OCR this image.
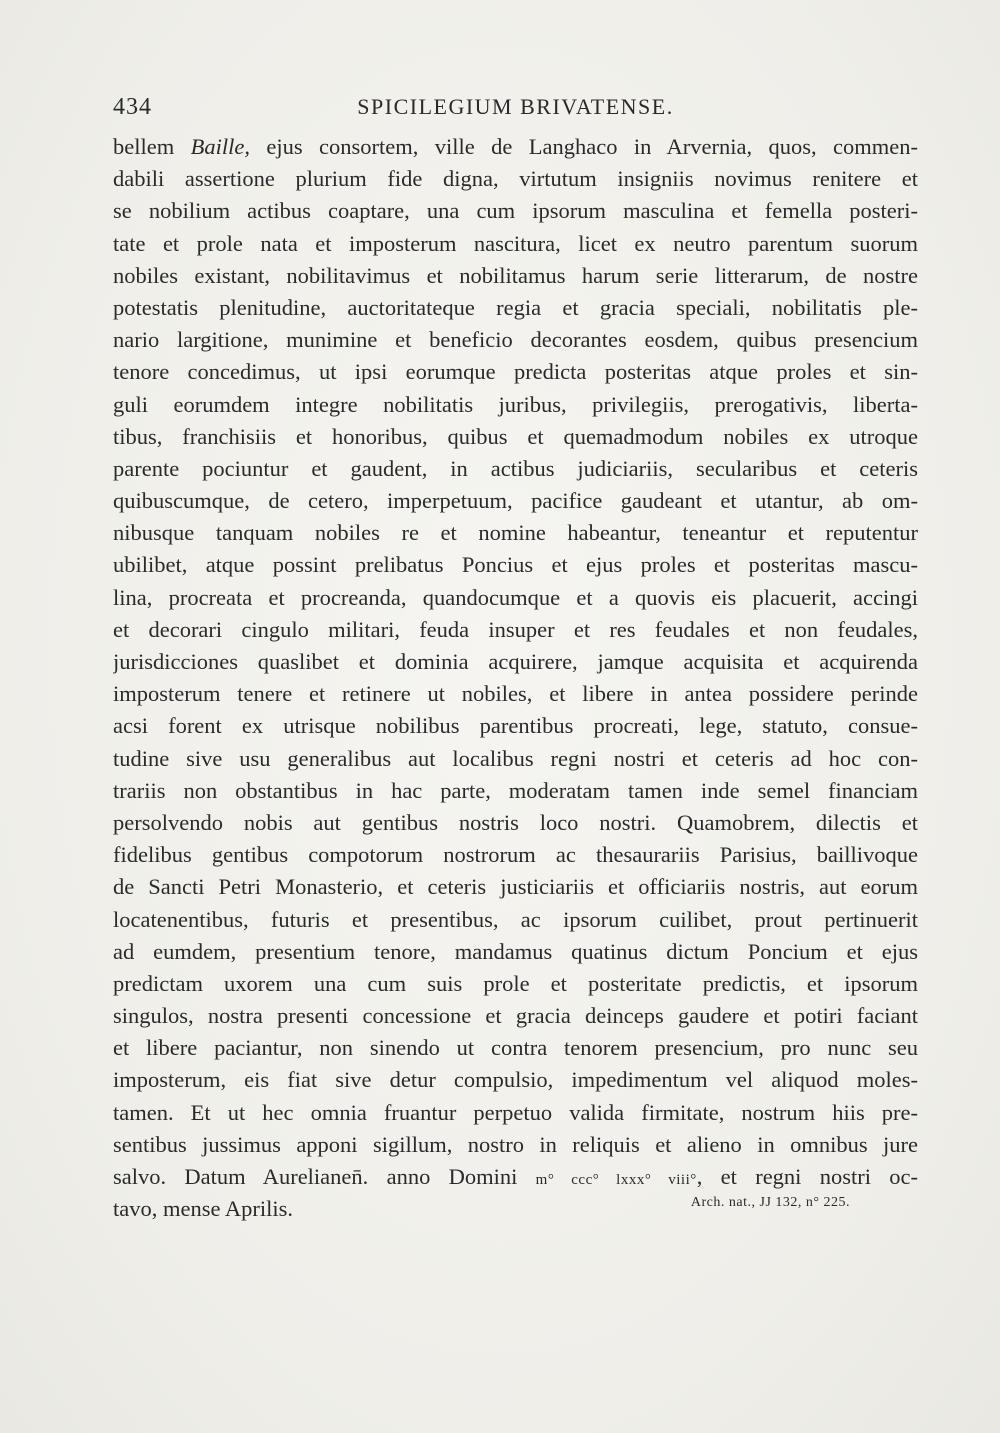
434	SPICILEGIUM BRIVATENSE.
bellem Baille, ejus consortem, ville de Langhaco in Arvernia, quos, commen-
dabili assertione plurium fide digna, virtutum insigniis novimus renitere et
se nobilium actibus coaptare, una cum ipsorum masculina et femella posteri-
tate et prole nata et imposterum nascitura, licet ex neutro parentum suorum
nobiles existant, nobilitavimus et nobilitamus harum serie litterarum, de nostre
potestatis plenitudine, auctoritateque regia et gracia speciali, nobilitatis ple-
nario largitione, munimine et beneficio decorantes eosdem, quibus presencium
tenore concedimus, ut ipsi eorumque predicta posteritas atque proles et sin-
guli eorumdem integre nobilitatis juribus, privilegiis, prerogativis, liberta-
tibus, franchisiis et honoribus, quibus et quemadmodum nobiles ex utroque
parente pociuntur et gaudent, in actibus judiciariis, secularibus et ceteris
quibuscumque, de cetero, imperpetuum, pacifice gaudeant et utantur, ab om-
nibusque tanquam nobiles re et nomine habeantur, teneantur et reputentur
ubilibet, atque possint prelibatus Poncius et ejus proles et posteritas mascu-
lina, procreata et procreanda, quandocumque et a quovis eis placuerit, accingi
et decorari cingulo militari, feuda insuper et res feudales et non feudales,
jurisdicciones quaslibet et dominia acquirere, jamque acquisita et acquirenda
imposterum tenere et retinere ut nobiles, et libere in antea possidere perinde
acsi forent ex utrisque nobilibus parentibus procreati, lege, statuto, consue-
tudine sive usu generalibus aut localibus regni nostri et ceteris ad hoc con-
trariis non obstantibus in hac parte, moderatam tamen inde semel financiam
persolvendo nobis aut gentibus nostris loco nostri. Quamobrem, dilectis et
fidelibus gentibus compotorum nostrorum ac thesaurariis Parisius, baillivoque
de Sancti Petri Monasterio, et ceteris justiciariis et officiariis nostris, aut eorum
locatenentibus, futuris et presentibus, ac ipsorum cuilibet, prout pertinuerit
ad eumdem, presentium tenore, mandamus quatinus dictum Poncium et ejus
predictam uxorem una cum suis prole et posteritate predictis, et ipsorum
singulos, nostra presenti concessione et gracia deinceps gaudere et potiri faciant
et libere paciantur, non sinendo ut contra tenorem presencium, pro nunc seu
imposterum, eis fiat sive detur compulsio, impedimentum vel aliquod moles-
tamen. Et ut hec omnia fruantur perpetuo valida firmitate, nostrum hiis pre-
sentibus jussimus apponi sigillum, nostro in reliquis et alieno in omnibus jure
salvo. Datum Aurelianen̄. anno Domini m° ccc° lxxx° viii°, et regni nostri oc-
tavo, mense Aprilis.	Arch. nat., JJ 132, n° 225.
